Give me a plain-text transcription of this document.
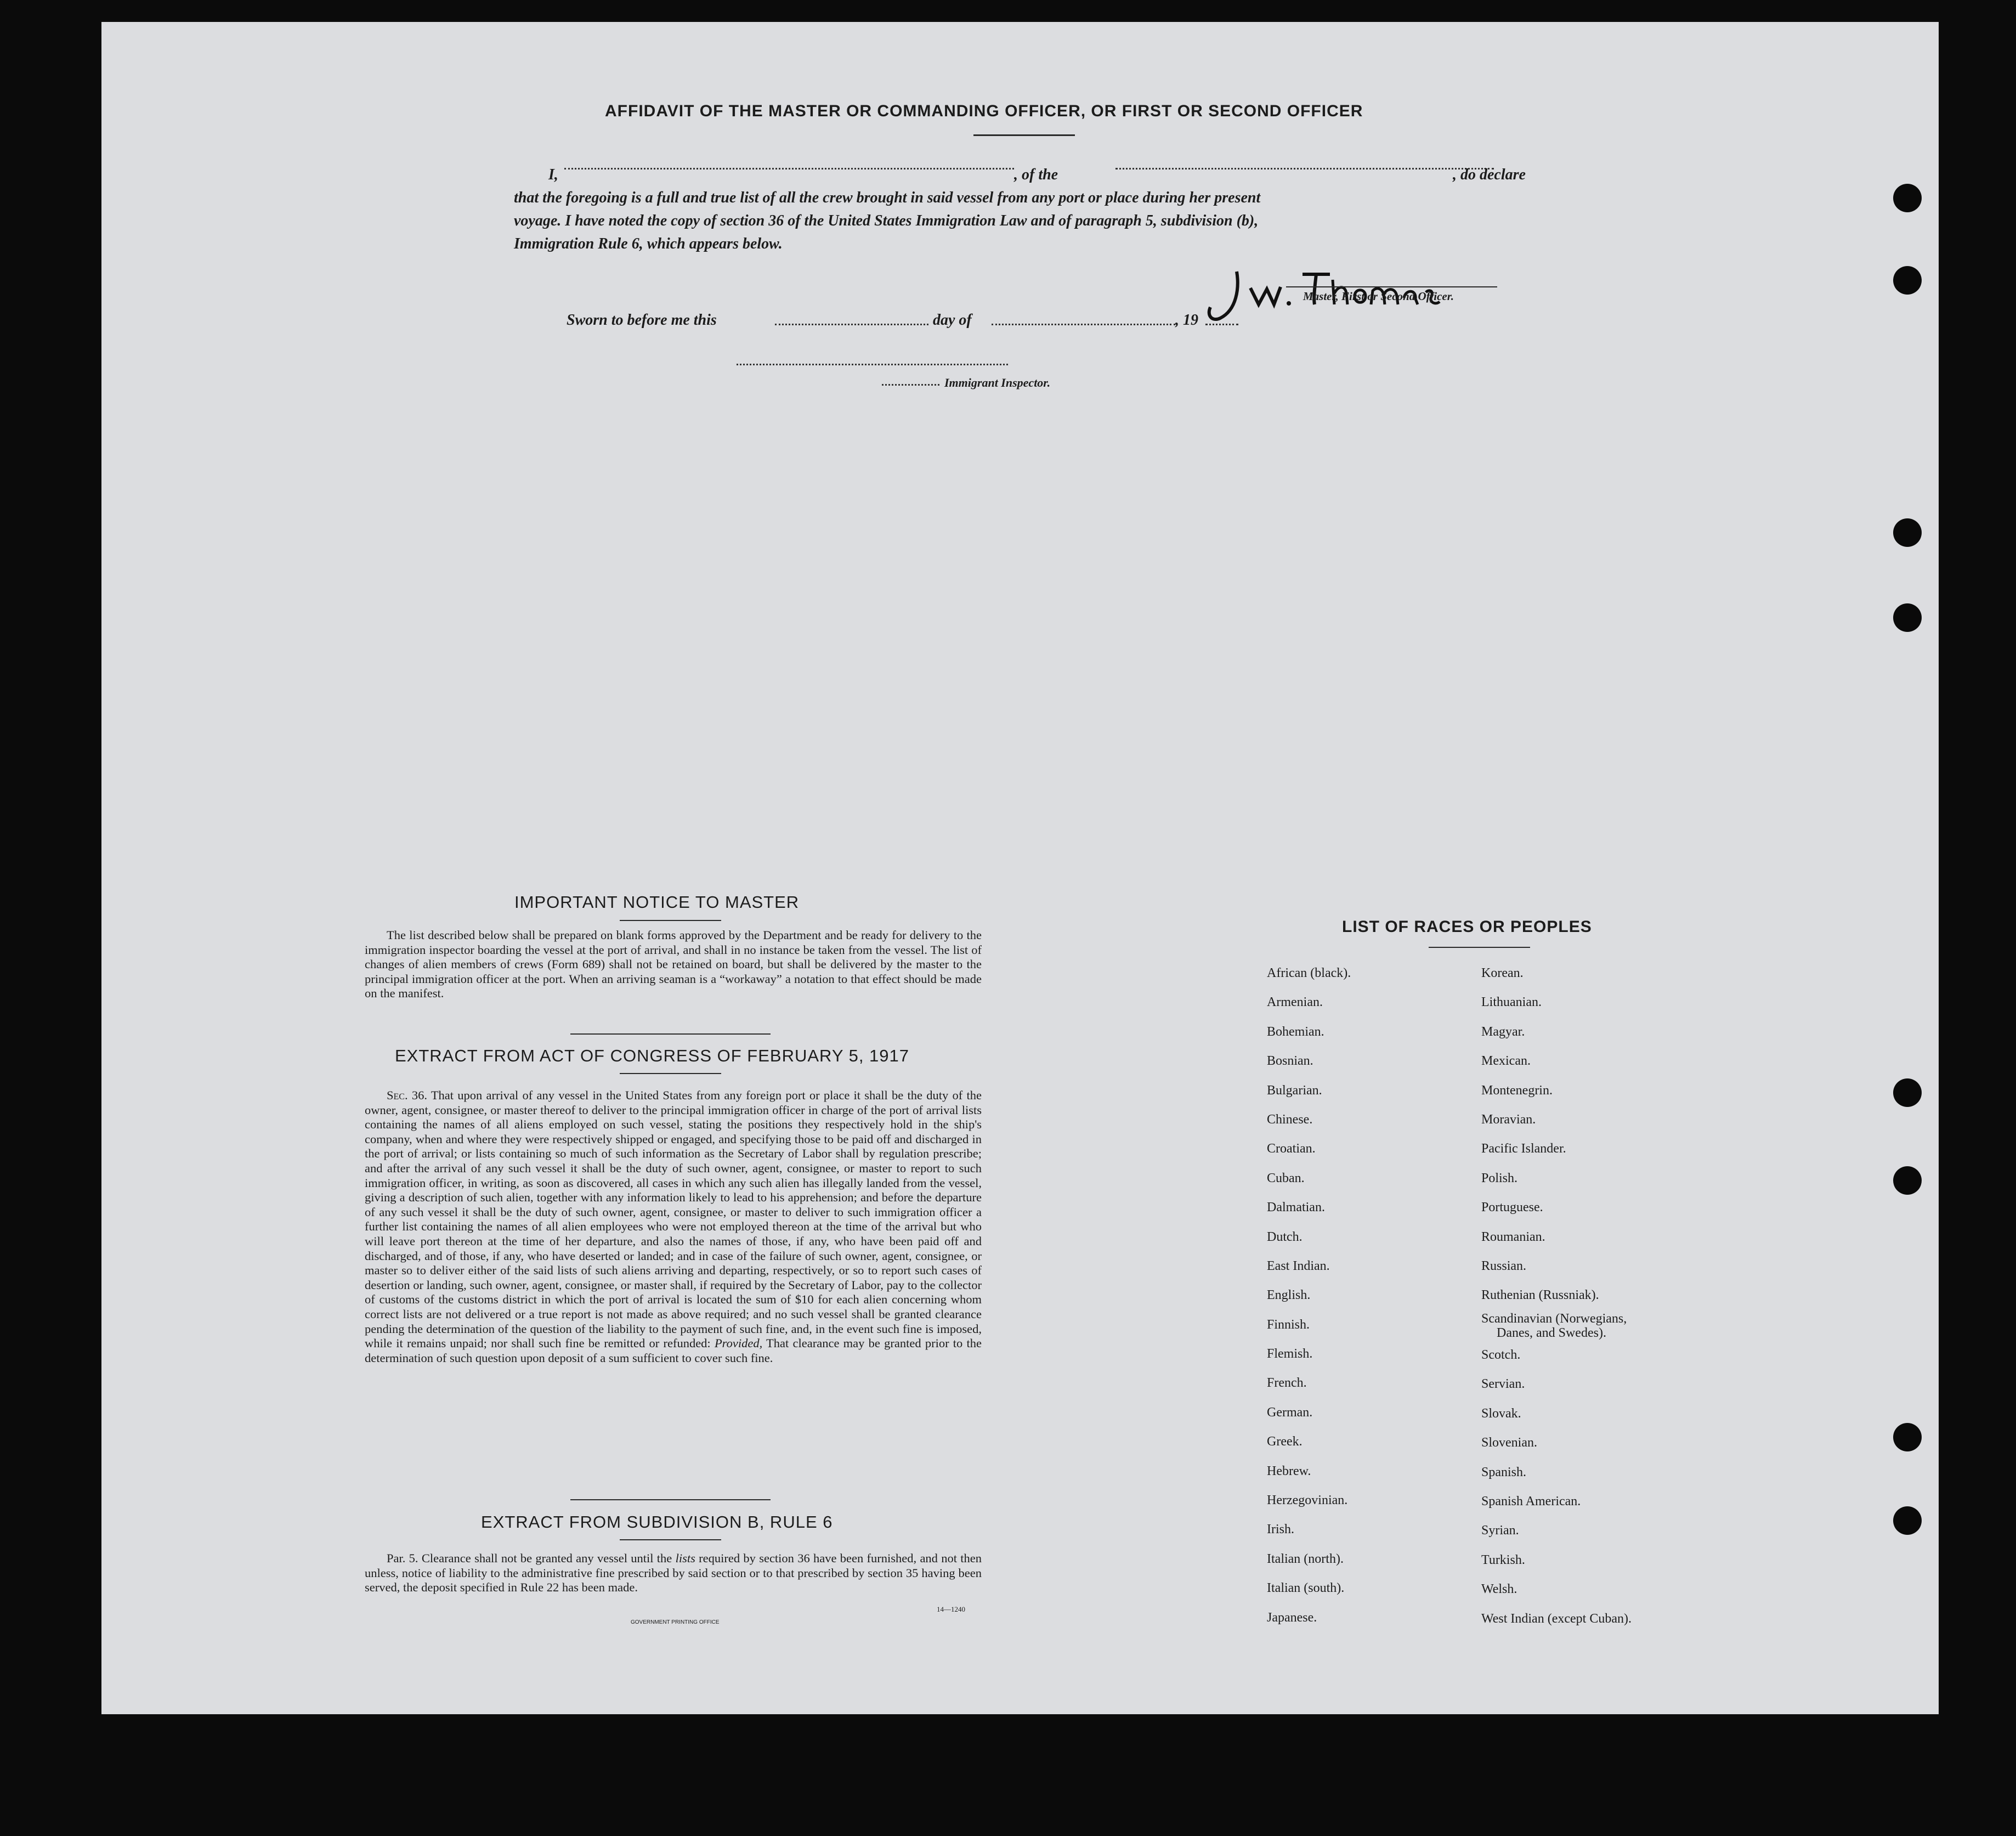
AFFIDAVIT OF THE MASTER OR COMMANDING OFFICER, OR FIRST OR SECOND OFFICER
I,	, of the	, do declare
that the foregoing is a full and true list of all the crew brought in said vessel from any port or place during her present
voyage. I have noted the copy of section 36 of the United States Immigration Law and of paragraph 5, subdivision (b),
Immigration Rule 6, which appears below.
Master, First or Second Officer.
Sworn to before me this	day of	, 19
Immigrant Inspector.
IMPORTANT NOTICE TO MASTER
The list described below shall be prepared on blank forms approved by the Department and be ready for delivery to the immigration inspector boarding the vessel at the port of arrival, and shall in no instance be taken from the vessel. The list of changes of alien members of crews (Form 689) shall not be retained on board, but shall be delivered by the master to the principal immigration officer at the port. When an arriving seaman is a “workaway” a notation to that effect should be made on the manifest.
EXTRACT FROM ACT OF CONGRESS OF FEBRUARY 5, 1917
Sec. 36. That upon arrival of any vessel in the United States from any foreign port or place it shall be the duty of the owner, agent, consignee, or master thereof to deliver to the principal immigration officer in charge of the port of arrival lists containing the names of all aliens employed on such vessel, stating the positions they respectively hold in the ship's company, when and where they were respectively shipped or engaged, and specifying those to be paid off and discharged in the port of arrival; or lists containing so much of such information as the Secretary of Labor shall by regulation prescribe; and after the arrival of any such vessel it shall be the duty of such owner, agent, consignee, or master to report to such immigration officer, in writing, as soon as discovered, all cases in which any such alien has illegally landed from the vessel, giving a description of such alien, together with any information likely to lead to his apprehension; and before the departure of any such vessel it shall be the duty of such owner, agent, consignee, or master to deliver to such immigration officer a further list containing the names of all alien employees who were not employed thereon at the time of the arrival but who will leave port thereon at the time of her departure, and also the names of those, if any, who have been paid off and discharged, and of those, if any, who have deserted or landed; and in case of the failure of such owner, agent, consignee, or master so to deliver either of the said lists of such aliens arriving and departing, respectively, or so to report such cases of desertion or landing, such owner, agent, consignee, or master shall, if required by the Secretary of Labor, pay to the collector of customs of the customs district in which the port of arrival is located the sum of $10 for each alien concerning whom correct lists are not delivered or a true report is not made as above required; and no such vessel shall be granted clearance pending the determination of the question of the liability to the payment of such fine, and, in the event such fine is imposed, while it remains unpaid; nor shall such fine be remitted or refunded: Provided, That clearance may be granted prior to the determination of such question upon deposit of a sum sufficient to cover such fine.
EXTRACT FROM SUBDIVISION B, RULE 6
Par. 5. Clearance shall not be granted any vessel until the lists required by section 36 have been furnished, and not then unless, notice of liability to the administrative fine prescribed by said section or to that prescribed by section 35 having been served, the deposit specified in Rule 22 has been made.
GOVERNMENT PRINTING OFFICE
14—1240
LIST OF RACES OR PEOPLES
African (black).
Armenian.
Bohemian.
Bosnian.
Bulgarian.
Chinese.
Croatian.
Cuban.
Dalmatian.
Dutch.
East Indian.
English.
Finnish.
Flemish.
French.
German.
Greek.
Hebrew.
Herzegovinian.
Irish.
Italian (north).
Italian (south).
Japanese.
Korean.
Lithuanian.
Magyar.
Mexican.
Montenegrin.
Moravian.
Pacific Islander.
Polish.
Portuguese.
Roumanian.
Russian.
Ruthenian (Russniak).
Scandinavian (Norwegians,
Danes, and Swedes).
Scotch.
Servian.
Slovak.
Slovenian.
Spanish.
Spanish American.
Syrian.
Turkish.
Welsh.
West Indian (except Cuban).
